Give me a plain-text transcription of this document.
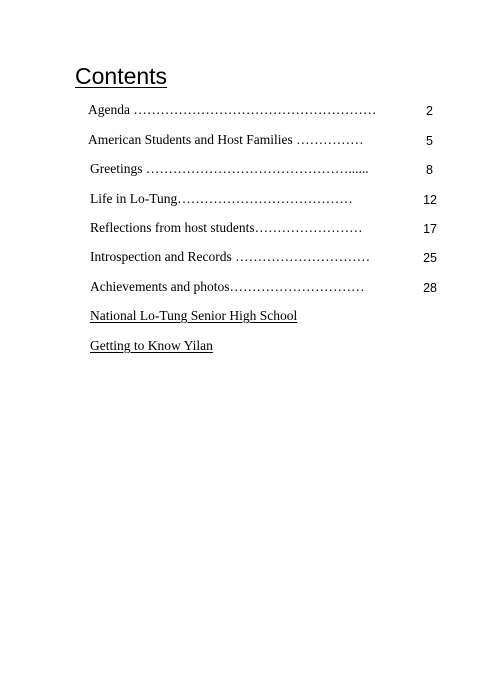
Contents
Agenda ………………………………………………	2
American Students and Host Families ……………	5
Greetings ………………………………………......	8
Life in Lo-Tung…………………………………	12
Reflections from host students……………………	17
Introspection and Records …………………………	25
Achievements and photos…………………………	28
National Lo-Tung Senior High School
Getting to Know Yilan
